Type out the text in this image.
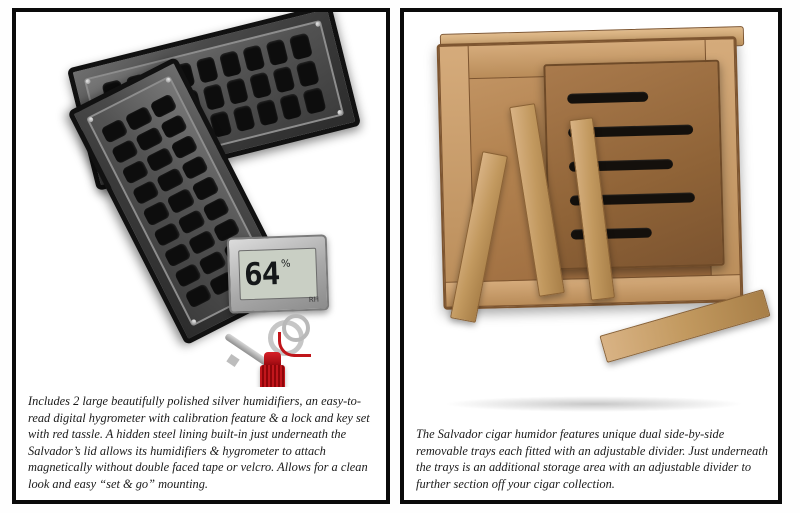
64 %
RH
Includes 2 large beautifully polished silver humidifiers, an easy-to-read digital hygrometer with calibration feature & a lock and key set with red tassle. A hidden steel lining built-in just underneath the Salvador’s lid allows its humidifiers & hygrometer to attach magnetically without double faced tape or velcro. Allows for a clean look and easy “set & go” mounting.
The Salvador cigar humidor features unique dual side-by-side removable trays each fitted with an adjustable divider. Just underneath the trays is an additional storage area with an adjustable divider to further section off your cigar collection.
